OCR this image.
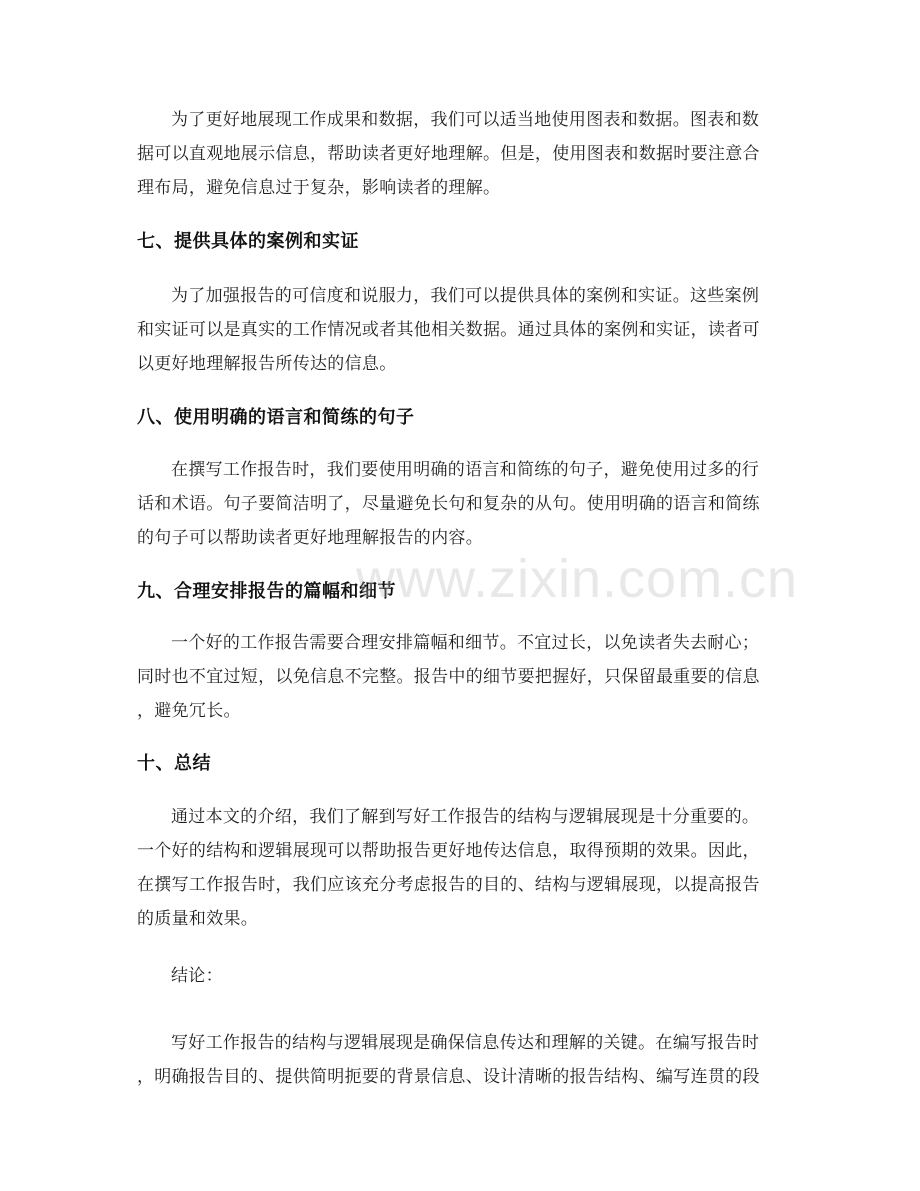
为了更好地展现工作成果和数据，我们可以适当地使用图表和数据。图表和数
据可以直观地展示信息，帮助读者更好地理解。但是，使用图表和数据时要注意合
理布局，避免信息过于复杂，影响读者的理解。

七、提供具体的案例和实证

为了加强报告的可信度和说服力，我们可以提供具体的案例和实证。这些案例
和实证可以是真实的工作情况或者其他相关数据。通过具体的案例和实证，读者可
以更好地理解报告所传达的信息。

八、使用明确的语言和简练的句子

在撰写工作报告时，我们要使用明确的语言和简练的句子，避免使用过多的行
话和术语。句子要简洁明了，尽量避免长句和复杂的从句。使用明确的语言和简练
的句子可以帮助读者更好地理解报告的内容。

九、合理安排报告的篇幅和细节

一个好的工作报告需要合理安排篇幅和细节。不宜过长，以免读者失去耐心；
同时也不宜过短，以免信息不完整。报告中的细节要把握好，只保留最重要的信息
，避免冗长。

十、总结

通过本文的介绍，我们了解到写好工作报告的结构与逻辑展现是十分重要的。
一个好的结构和逻辑展现可以帮助报告更好地传达信息，取得预期的效果。因此，
在撰写工作报告时，我们应该充分考虑报告的目的、结构与逻辑展现，以提高报告
的质量和效果。

结论：

写好工作报告的结构与逻辑展现是确保信息传达和理解的关键。在编写报告时
，明确报告目的、提供简明扼要的背景信息、设计清晰的报告结构、编写连贯的段

www.zixin.com.cn
